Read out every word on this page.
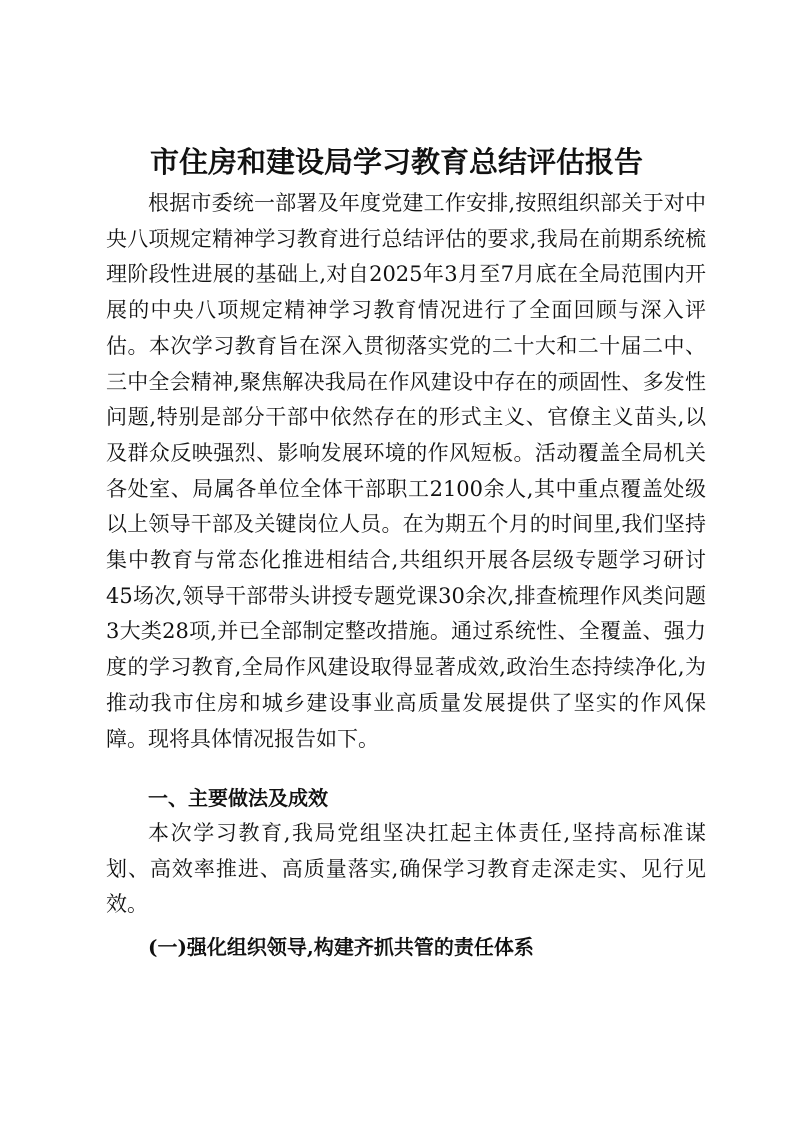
市住房和建设局学习教育总结评估报告

根据市委统一部署及年度党建工作安排,按照组织部关于对中央八项规定精神学习教育进行总结评估的要求,我局在前期系统梳理阶段性进展的基础上,对自2025年3月至7月底在全局范围内开展的中央八项规定精神学习教育情况进行了全面回顾与深入评估。本次学习教育旨在深入贯彻落实党的二十大和二十届二中、三中全会精神,聚焦解决我局在作风建设中存在的顽固性、多发性问题,特别是部分干部中依然存在的形式主义、官僚主义苗头,以及群众反映强烈、影响发展环境的作风短板。活动覆盖全局机关各处室、局属各单位全体干部职工2100余人,其中重点覆盖处级以上领导干部及关键岗位人员。在为期五个月的时间里,我们坚持集中教育与常态化推进相结合,共组织开展各层级专题学习研讨45场次,领导干部带头讲授专题党课30余次,排查梳理作风类问题3大类28项,并已全部制定整改措施。通过系统性、全覆盖、强力度的学习教育,全局作风建设取得显著成效,政治生态持续净化,为推动我市住房和城乡建设事业高质量发展提供了坚实的作风保障。现将具体情况报告如下。

一、主要做法及成效

本次学习教育,我局党组坚决扛起主体责任,坚持高标准谋划、高效率推进、高质量落实,确保学习教育走深走实、见行见效。

(一)强化组织领导,构建齐抓共管的责任体系
